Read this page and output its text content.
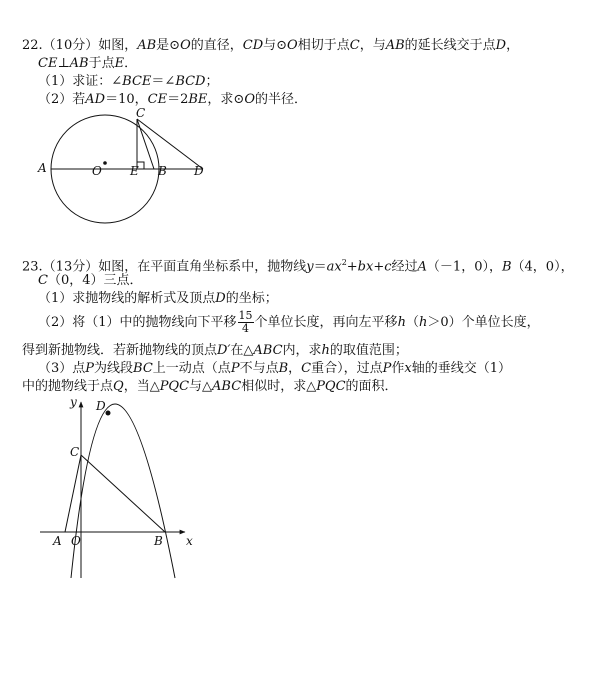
22.（10分）如图，AB是⊙O的直径，CD与⊙O相切于点C，与AB的延长线交于点D，
CE⊥AB于点E．
（1）求证：∠BCE＝∠BCD；
（2）若AD＝10，CE＝2BE，求⊙O的半径．
A	O E B D
C
23.（13分）如图，在平面直角坐标系中，抛物线$y=ax^2+bx+c$经过A（－1，0），B（4，0），
C（0，4）三点．
（1）求抛物线的解析式及顶点D的坐标；
（2）将（1）中的抛物线向下平移 $\frac{15}{4}$ 个单位长度，再向左平移h（h＞0）个单位长度，
得到新抛物线．若新抛物线的顶点D′在△ABC内，求h的取值范围；
（3）点P为线段BC上一动点（点P不与点B，C重合），过点P作x轴的垂线交（1）
中的抛物线于点Q，当△PQC与△ABC相似时，求△PQC的面积．
y D
C
A O	B x
